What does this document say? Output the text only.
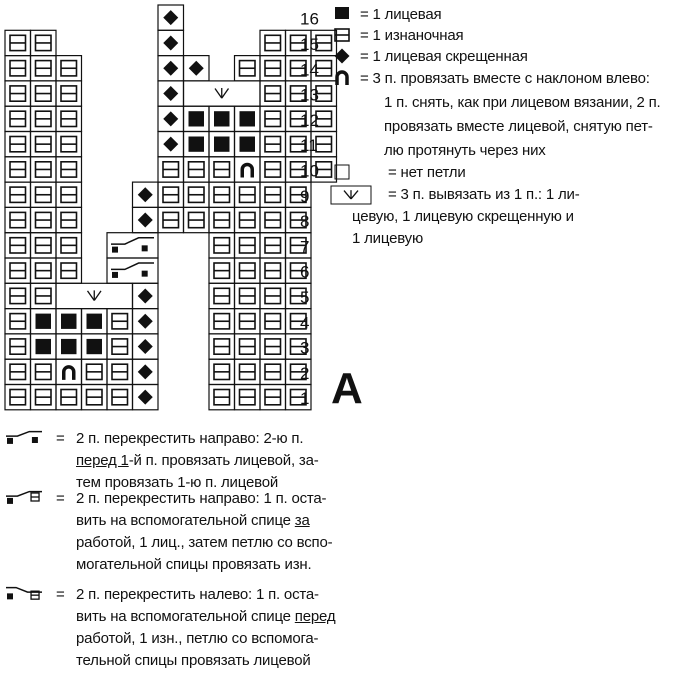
1
2
3
4
5
6
7
8
9
10
11
12
13
14
15
16
A
= 1 лицевая
= 1 изнаночная
= 1 лицевая скрещенная
= 3 п. провязать вместе с наклоном влево:
1 п. снять, как при лицевом вязании, 2 п.
провязать вместе лицевой, снятую пет-
лю протянуть через них
= нет петли
= 3 п. вывязать из 1 п.: 1 ли-
цевую, 1 лицевую скрещенную и
1 лицевую
= 2 п. перекрестить направо: 2-ю п.
перед 1-й п. провязать лицевой, за-
тем провязать 1-ю п. лицевой
= 2 п. перекрестить направо: 1 п. оста-
вить на вспомогательной спице за
работой, 1 лиц., затем петлю со вспо-
могательной спицы провязать изн.
= 2 п. перекрестить налево: 1 п. оста-
вить на вспомогательной спице перед
работой, 1 изн., петлю со вспомога-
тельной спицы провязать лицевой
